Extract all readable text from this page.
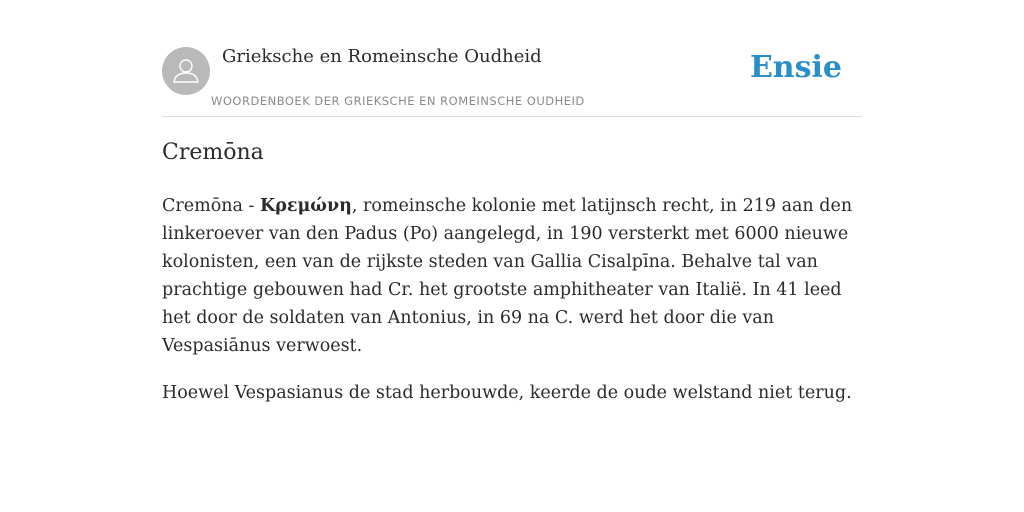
Grieksche en Romeinsche Oudheid
WOORDENBOEK DER GRIEKSCHE EN ROMEINSCHE OUDHEID
Ensie
Cremōna

Cremōna - Κρεμώνη, romeinsche kolonie met latijnsch recht, in 219 aan den linkeroever van den Padus (Po) aangelegd, in 190 versterkt met 6000 nieuwe kolonisten, een van de rijkste steden van Gallia Cisalpīna. Behalve tal van prachtige gebouwen had Cr. het grootste amphitheater van Italië. In 41 leed het door de soldaten van Antonius, in 69 na C. werd het door die van Vespasiānus verwoest.

Hoewel Vespasianus de stad herbouwde, keerde de oude welstand niet terug.
